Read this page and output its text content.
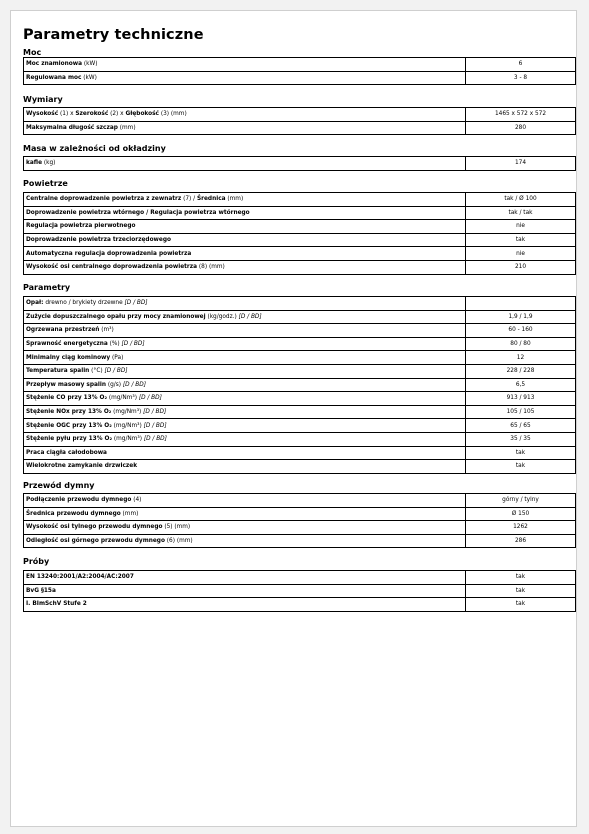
Parametry techniczne
Moc
Moc znamionowa (kW)	6
Regulowana moc (kW)	3 - 8
Wymiary
Wysokość (1) x Szerokość (2) x Głębokość (3) (mm)	1465 x 572 x 572
Maksymalna długość szczap (mm)	280
Masa w zależności od okładziny
kafle (kg)	174
Powietrze
Centralne doprowadzenie powietrza z zewnatrz (7) / Średnica (mm)	tak / Ø 100
Doprowadzenie powietrza wtórnego / Regulacja powietrza wtórnego	tak / tak
Regulacja powietrza pierwotnego	nie
Doprowadzenie powietrza trzeciorzędowego	tak
Automatyczna regulacja doprowadzenia powietrza	nie
Wysokość osi centralnego doprowadzenia powietrza (8) (mm)	210
Parametry
Opał: drewno / brykiety drzewne [D / BD]	
Zużycie dopuszczalnego opału przy mocy znamionowej (kg/godz.) [D / BD]	1,9 / 1,9
Ogrzewana przestrzeń (m³)	60 - 160
Sprawność energetyczna (%) [D / BD]	80 / 80
Minimalny ciąg kominowy (Pa)	12
Temperatura spalin (°C) [D / BD]	228 / 228
Przepływ masowy spalin (g/s) [D / BD]	6,5
Stężenie CO przy 13% O₂ (mg/Nm³) [D / BD]	913 / 913
Stężenie NOx przy 13% O₂ (mg/Nm³) [D / BD]	105 / 105
Stężenie OGC przy 13% O₂ (mg/Nm³) [D / BD]	65 / 65
Stężenie pyłu przy 13% O₂ (mg/Nm³) [D / BD]	35 / 35
Praca ciągła całodobowa	tak
Wielokrotne zamykanie drzwiczek	tak
Przewód dymny
Podłączenie przewodu dymnego (4)	górny / tylny
Średnica przewodu dymnego (mm)	Ø 150
Wysokość osi tylnego przewodu dymnego (5) (mm)	1262
Odległość osi górnego przewodu dymnego (6) (mm)	286
Próby
EN 13240:2001/A2:2004/AC:2007	tak
BvG §15a	tak
I. BImSchV Stufe 2	tak
